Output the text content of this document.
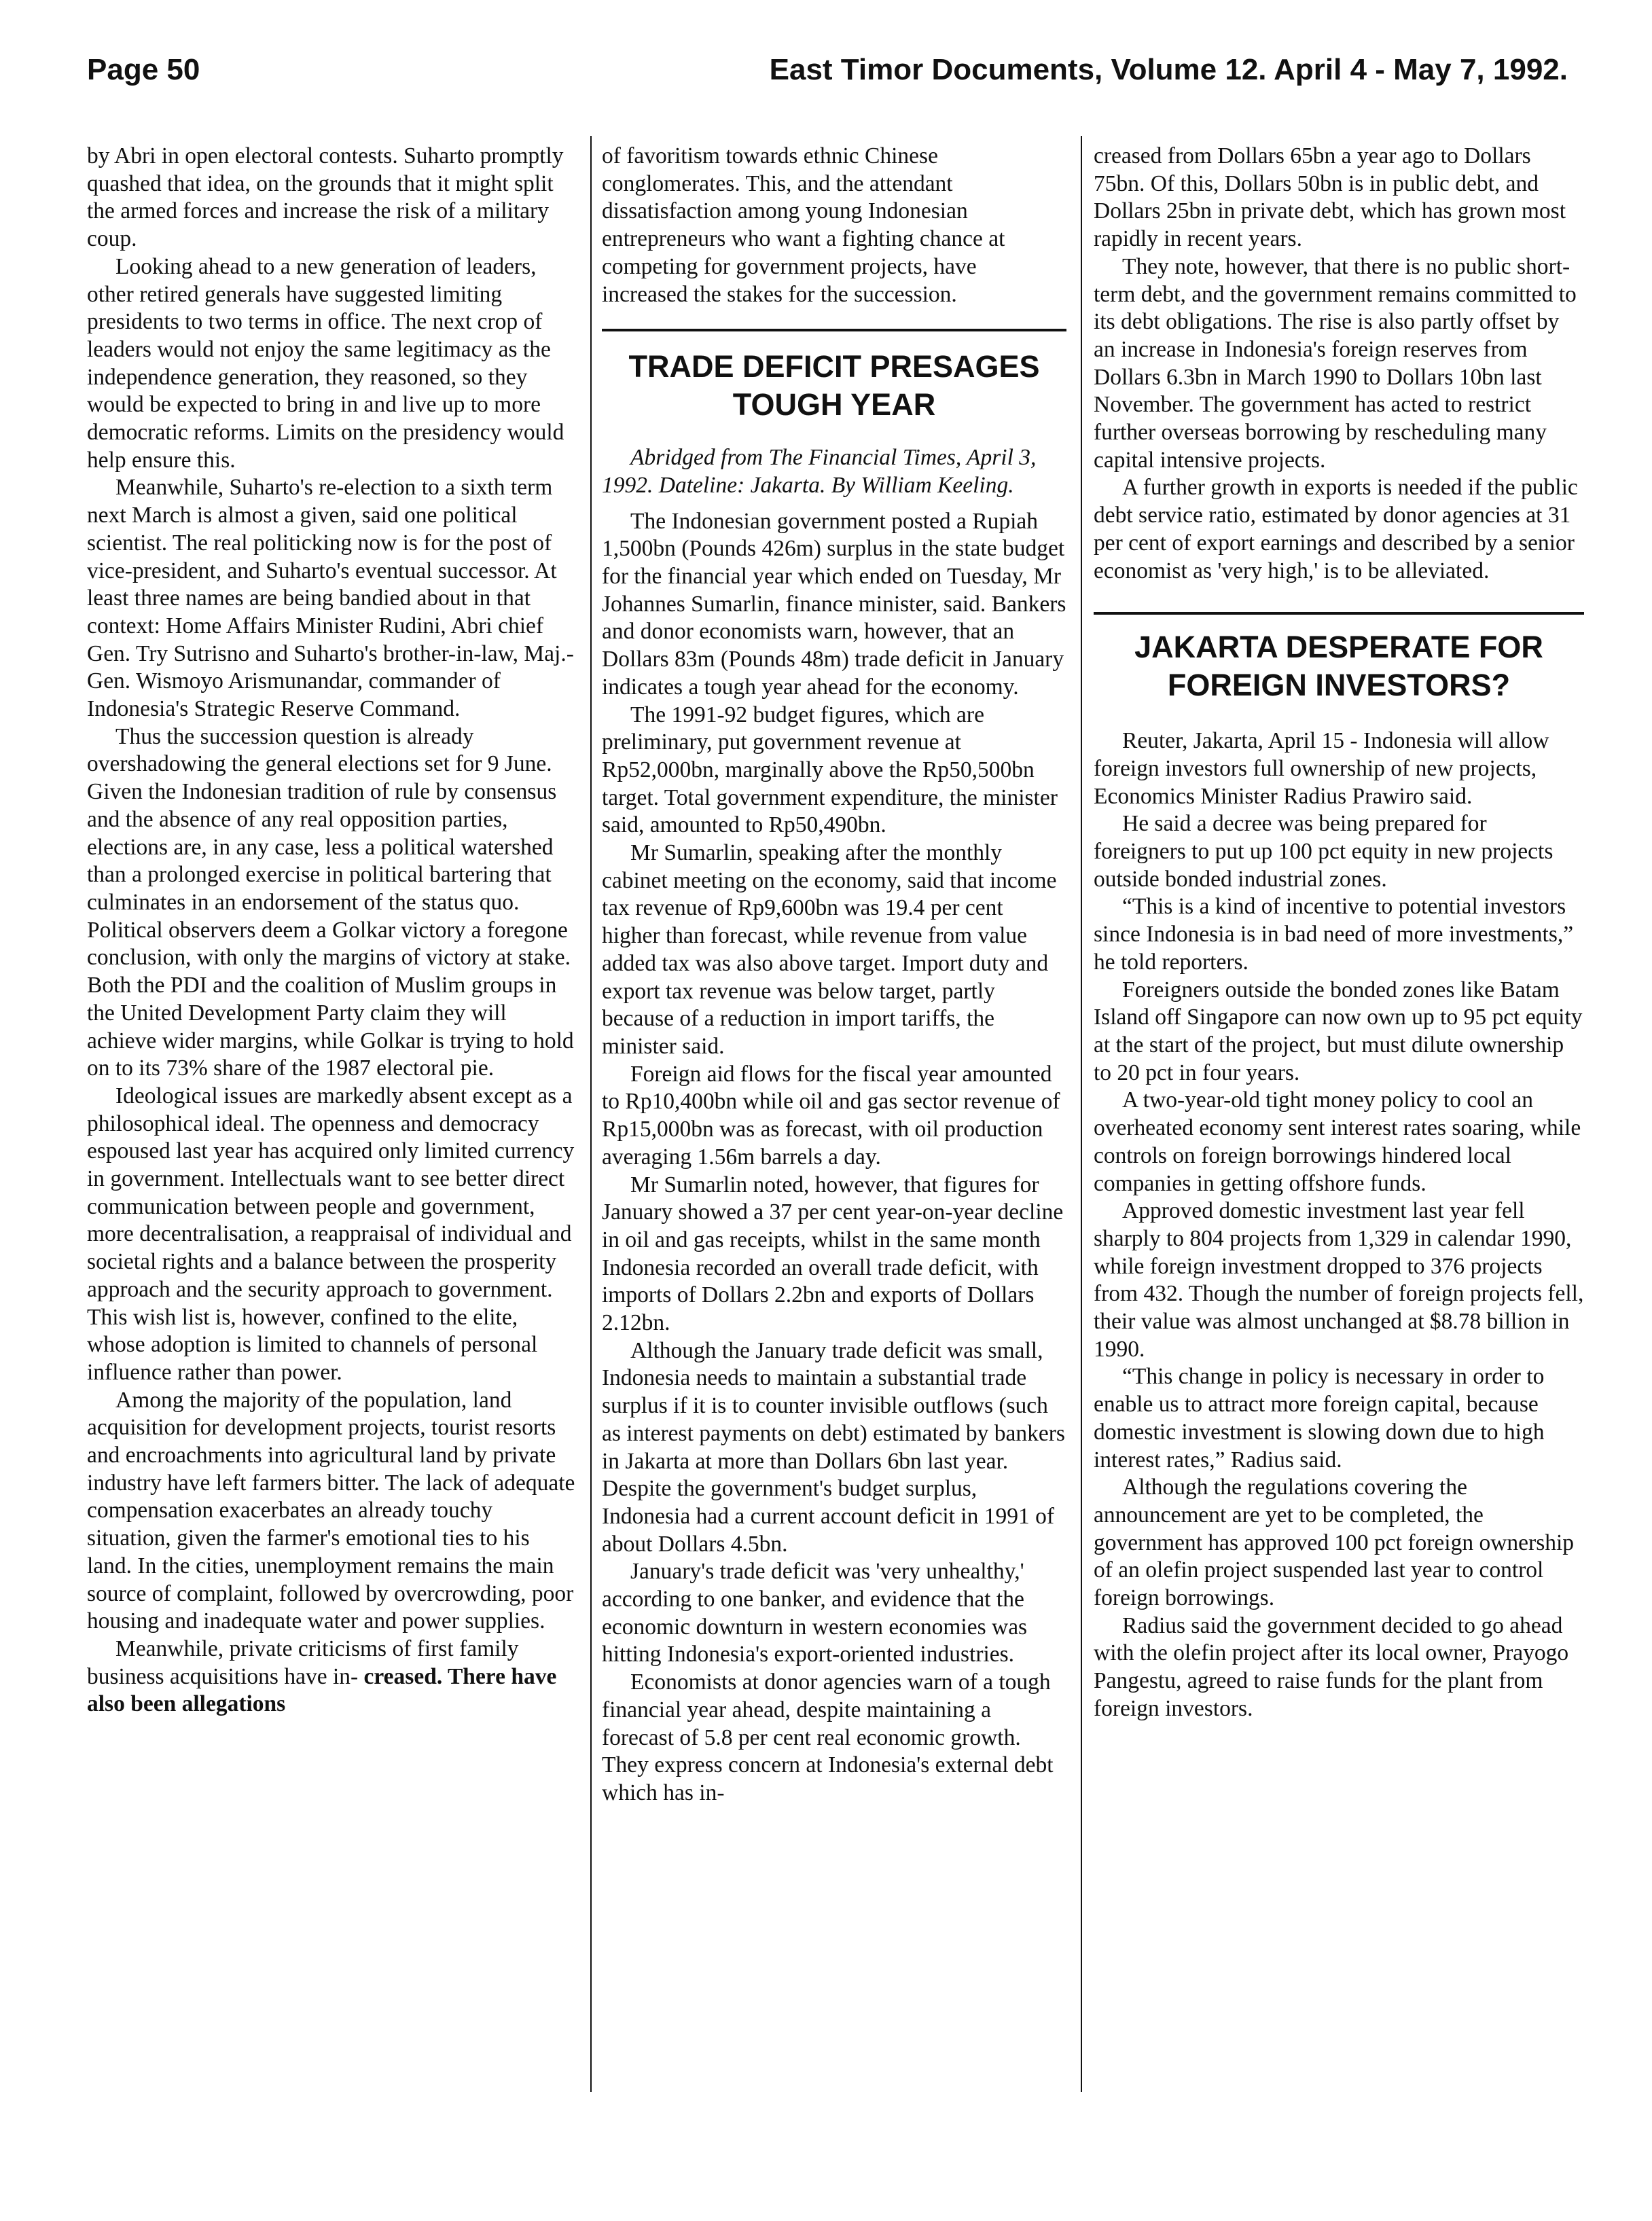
Page 50	East Timor Documents, Volume 12. April 4 - May 7, 1992.

by Abri in open electoral contests. Suharto promptly quashed that idea, on the grounds that it might split the armed forces and increase the risk of a military coup.

Looking ahead to a new generation of leaders, other retired generals have suggested limiting presidents to two terms in office. The next crop of leaders would not enjoy the same legitimacy as the independence generation, they reasoned, so they would be expected to bring in and live up to more democratic reforms. Limits on the presidency would help ensure this.

Meanwhile, Suharto's re-election to a sixth term next March is almost a given, said one political scientist. The real politicking now is for the post of vice-president, and Suharto's eventual successor. At least three names are being bandied about in that context: Home Affairs Minister Rudini, Abri chief Gen. Try Sutrisno and Suharto's brother-in-law, Maj.-Gen. Wismoyo Arismunandar, commander of Indonesia's Strategic Reserve Command.

Thus the succession question is already overshadowing the general elections set for 9 June. Given the Indonesian tradition of rule by consensus and the absence of any real opposition parties, elections are, in any case, less a political watershed than a prolonged exercise in political bartering that culminates in an endorsement of the status quo. Political observers deem a Golkar victory a foregone conclusion, with only the margins of victory at stake. Both the PDI and the coalition of Muslim groups in the United Development Party claim they will achieve wider margins, while Golkar is trying to hold on to its 73% share of the 1987 electoral pie.

Ideological issues are markedly absent except as a philosophical ideal. The openness and democracy espoused last year has acquired only limited currency in government. Intellectuals want to see better direct communication between people and government, more decentralisation, a reappraisal of individual and societal rights and a balance between the prosperity approach and the security approach to government. This wish list is, however, confined to the elite, whose adoption is limited to channels of personal influence rather than power.

Among the majority of the population, land acquisition for development projects, tourist resorts and encroachments into agricultural land by private industry have left farmers bitter. The lack of adequate compensation exacerbates an already touchy situation, given the farmer's emotional ties to his land. In the cities, unemployment remains the main source of complaint, followed by overcrowding, poor housing and inadequate water and power supplies.

Meanwhile, private criticisms of first family business acquisitions have in- creased. There have also been allegations

of favoritism towards ethnic Chinese conglomerates. This, and the attendant dissatisfaction among young Indonesian entrepreneurs who want a fighting chance at competing for government projects, have increased the stakes for the succession.

TRADE DEFICIT PRESAGES
TOUGH YEAR

Abridged from The Financial Times, April 3, 1992. Dateline: Jakarta. By William Keeling.

The Indonesian government posted a Rupiah 1,500bn (Pounds 426m) surplus in the state budget for the financial year which ended on Tuesday, Mr Johannes Sumarlin, finance minister, said. Bankers and donor economists warn, however, that an Dollars 83m (Pounds 48m) trade deficit in January indicates a tough year ahead for the economy.

The 1991-92 budget figures, which are preliminary, put government revenue at Rp52,000bn, marginally above the Rp50,500bn target. Total government expenditure, the minister said, amounted to Rp50,490bn.

Mr Sumarlin, speaking after the monthly cabinet meeting on the economy, said that income tax revenue of Rp9,600bn was 19.4 per cent higher than forecast, while revenue from value added tax was also above target. Import duty and export tax revenue was below target, partly because of a reduction in import tariffs, the minister said.

Foreign aid flows for the fiscal year amounted to Rp10,400bn while oil and gas sector revenue of Rp15,000bn was as forecast, with oil production averaging 1.56m barrels a day.

Mr Sumarlin noted, however, that figures for January showed a 37 per cent year-on-year decline in oil and gas receipts, whilst in the same month Indonesia recorded an overall trade deficit, with imports of Dollars 2.2bn and exports of Dollars 2.12bn.

Although the January trade deficit was small, Indonesia needs to maintain a substantial trade surplus if it is to counter invisible outflows (such as interest payments on debt) estimated by bankers in Jakarta at more than Dollars 6bn last year. Despite the government's budget surplus, Indonesia had a current account deficit in 1991 of about Dollars 4.5bn.

January's trade deficit was 'very unhealthy,' according to one banker, and evidence that the economic downturn in western economies was hitting Indonesia's export-oriented industries.

Economists at donor agencies warn of a tough financial year ahead, despite maintaining a forecast of 5.8 per cent real economic growth. They express concern at Indonesia's external debt which has in-

creased from Dollars 65bn a year ago to Dollars 75bn. Of this, Dollars 50bn is in public debt, and Dollars 25bn in private debt, which has grown most rapidly in recent years.

They note, however, that there is no public short-term debt, and the government remains committed to its debt obligations. The rise is also partly offset by an increase in Indonesia's foreign reserves from Dollars 6.3bn in March 1990 to Dollars 10bn last November. The government has acted to restrict further overseas borrowing by rescheduling many capital intensive projects.

A further growth in exports is needed if the public debt service ratio, estimated by donor agencies at 31 per cent of export earnings and described by a senior economist as 'very high,' is to be alleviated.

JAKARTA DESPERATE FOR
FOREIGN INVESTORS?

Reuter, Jakarta, April 15 - Indonesia will allow foreign investors full ownership of new projects, Economics Minister Radius Prawiro said.

He said a decree was being prepared for foreigners to put up 100 pct equity in new projects outside bonded industrial zones.

“This is a kind of incentive to potential investors since Indonesia is in bad need of more investments,” he told reporters.

Foreigners outside the bonded zones like Batam Island off Singapore can now own up to 95 pct equity at the start of the project, but must dilute ownership to 20 pct in four years.

A two-year-old tight money policy to cool an overheated economy sent interest rates soaring, while controls on foreign borrowings hindered local companies in getting offshore funds.

Approved domestic investment last year fell sharply to 804 projects from 1,329 in calendar 1990, while foreign investment dropped to 376 projects from 432. Though the number of foreign projects fell, their value was almost unchanged at $8.78 billion in 1990.

“This change in policy is necessary in order to enable us to attract more foreign capital, because domestic investment is slowing down due to high interest rates,” Radius said.

Although the regulations covering the announcement are yet to be completed, the government has approved 100 pct foreign ownership of an olefin project suspended last year to control foreign borrowings.

Radius said the government decided to go ahead with the olefin project after its local owner, Prayogo Pangestu, agreed to raise funds for the plant from foreign investors.
